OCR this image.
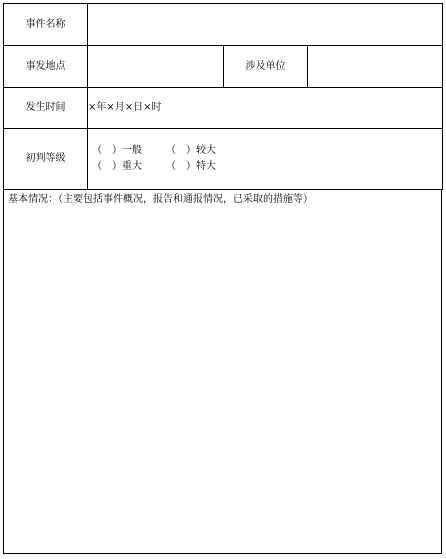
事件名称			
事发地点		涉及单位	
发生时间	×年×月×日×时		
初判等级	（　）一般 （　）较大
（　）重大 （　）特大		
基本情况：（主要包括事件概况，报告和通报情况，已采取的措施等）
